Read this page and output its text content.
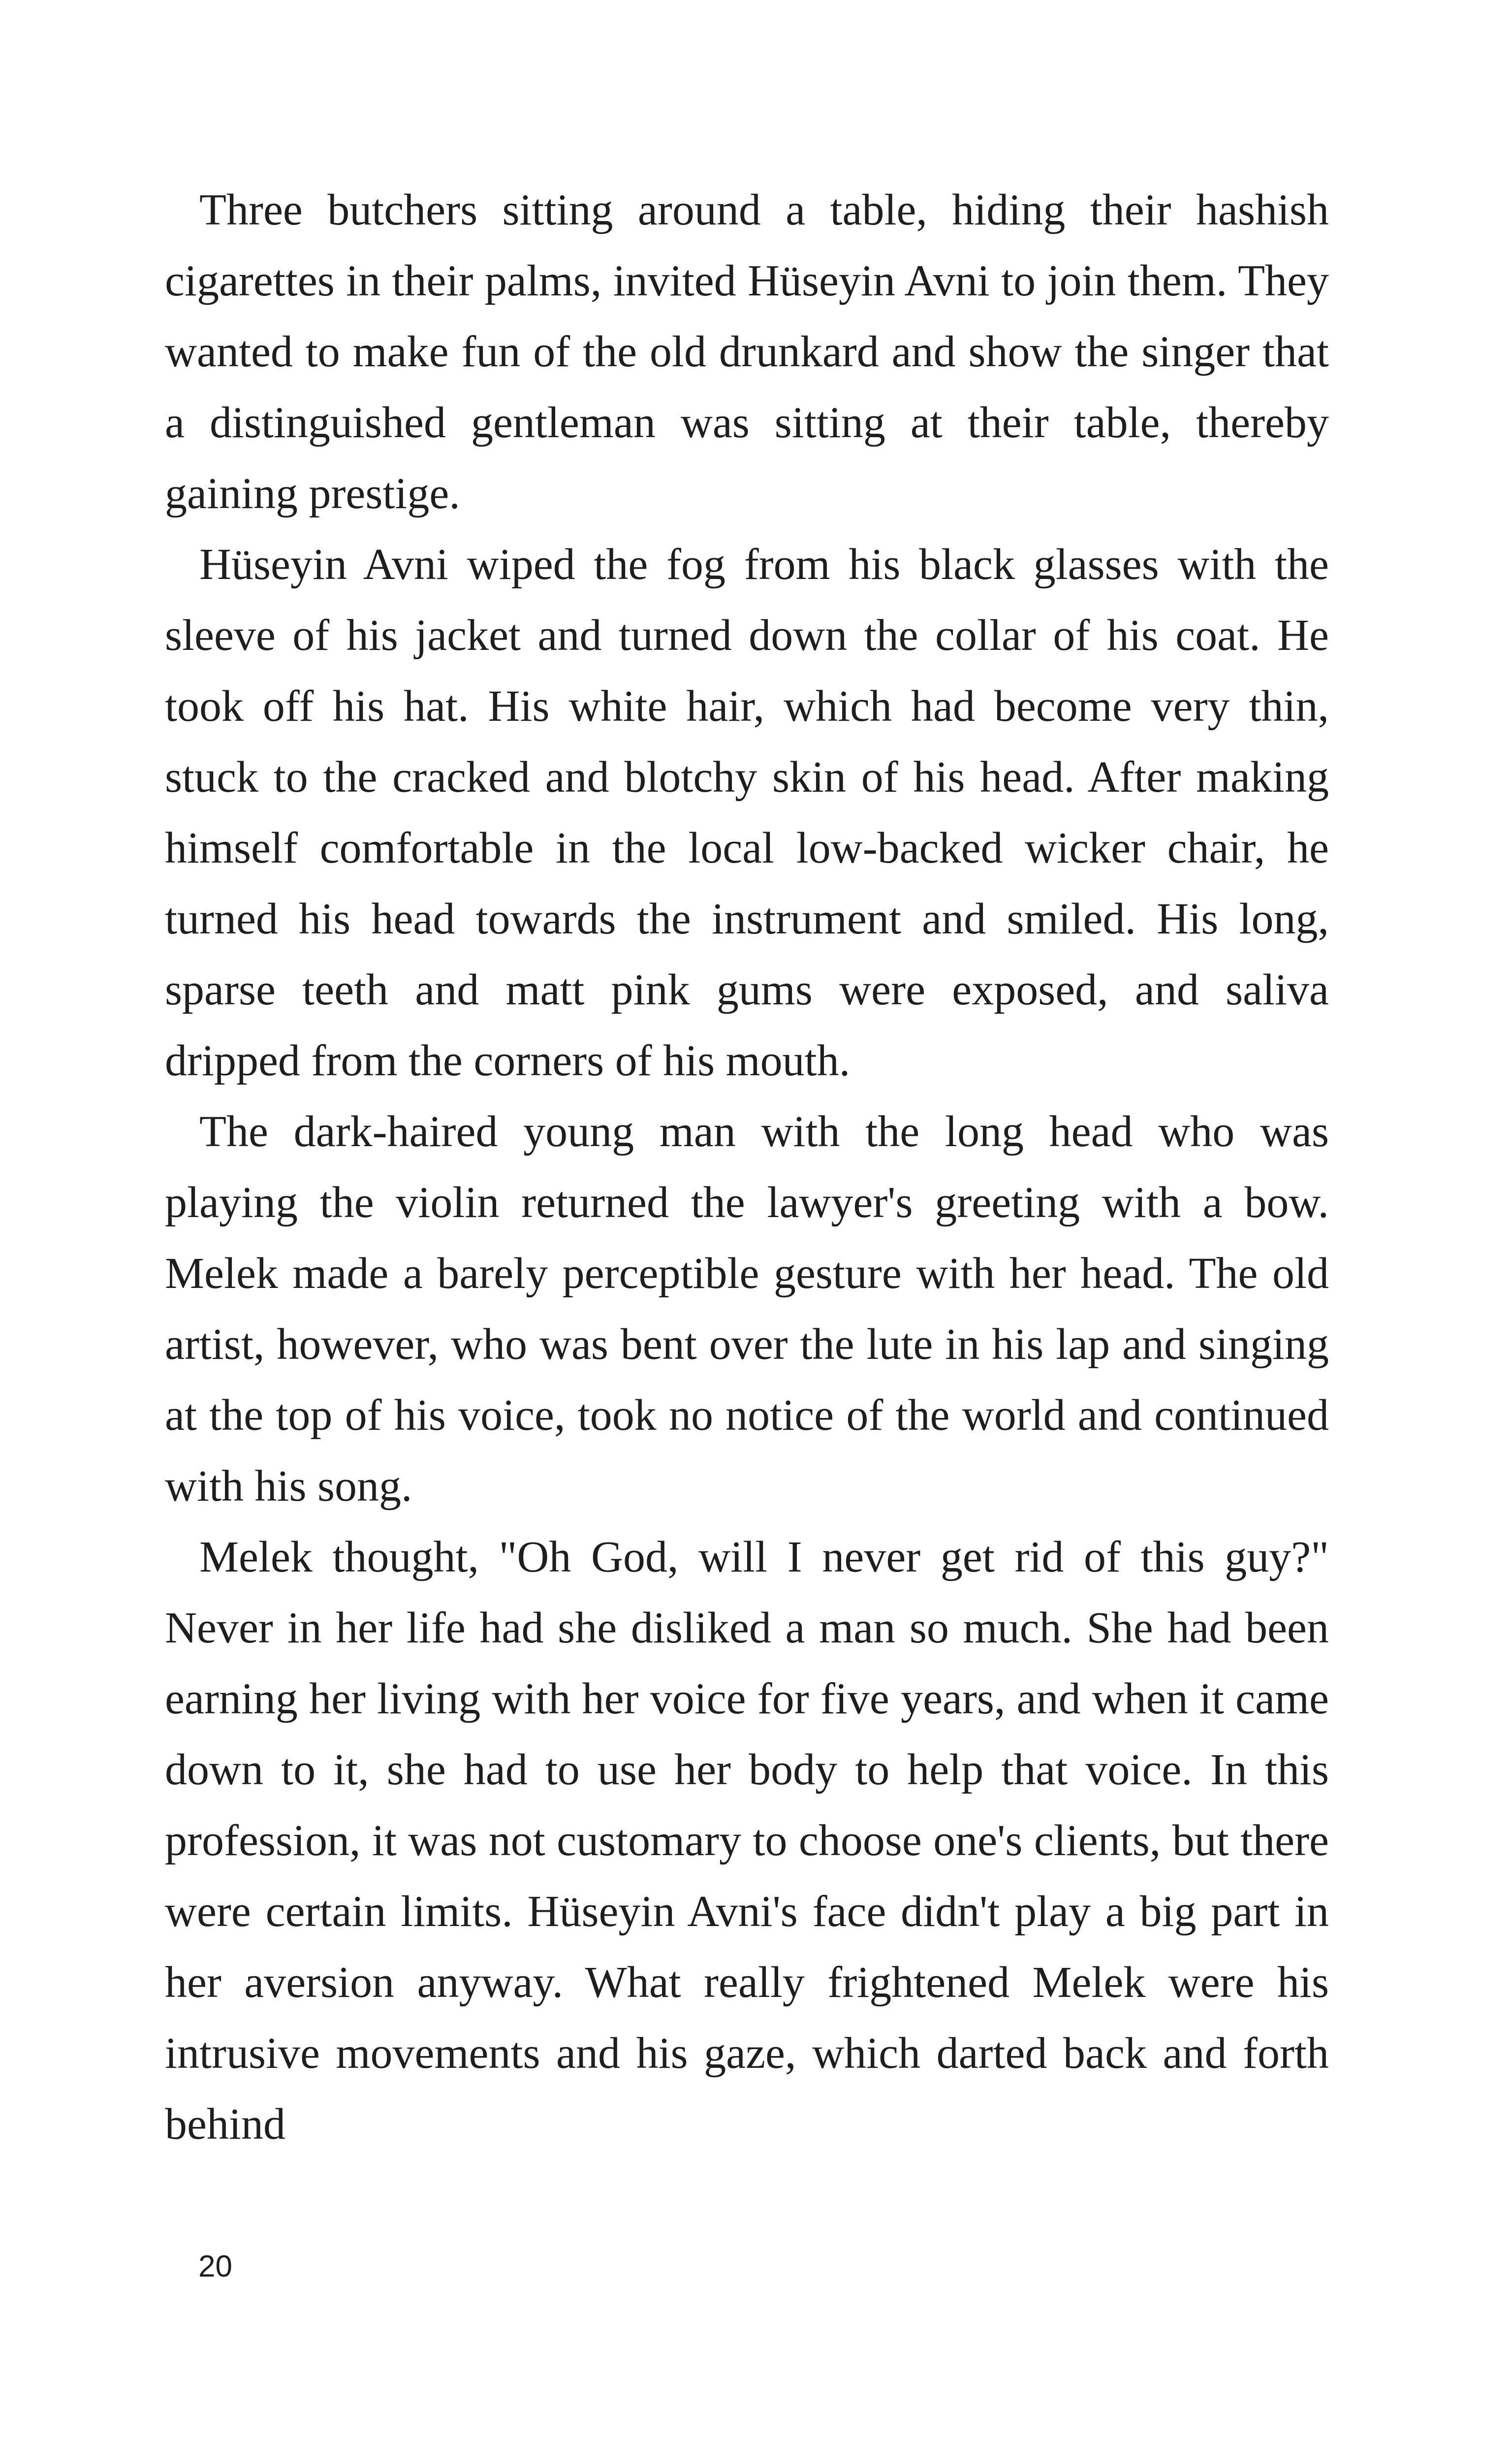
Three butchers sitting around a table, hiding their hashish cigarettes in their palms, invited Hüseyin Avni to join them. They wanted to make fun of the old drunkard and show the singer that a distinguished gentleman was sitting at their table, thereby gaining prestige.

Hüseyin Avni wiped the fog from his black glasses with the sleeve of his jacket and turned down the collar of his coat. He took off his hat. His white hair, which had become very thin, stuck to the cracked and blotchy skin of his head. After making himself comfortable in the local low-backed wicker chair, he turned his head towards the instrument and smiled. His long, sparse teeth and matt pink gums were exposed, and saliva dripped from the corners of his mouth.

The dark-haired young man with the long head who was playing the violin returned the lawyer's greeting with a bow. Melek made a barely perceptible gesture with her head. The old artist, however, who was bent over the lute in his lap and singing at the top of his voice, took no notice of the world and continued with his song.

Melek thought, "Oh God, will I never get rid of this guy?" Never in her life had she disliked a man so much. She had been earning her living with her voice for five years, and when it came down to it, she had to use her body to help that voice. In this profession, it was not customary to choose one's clients, but there were certain limits. Hüseyin Avni's face didn't play a big part in her aversion anyway. What really frightened Melek were his intrusive movements and his gaze, which darted back and forth behind

20
